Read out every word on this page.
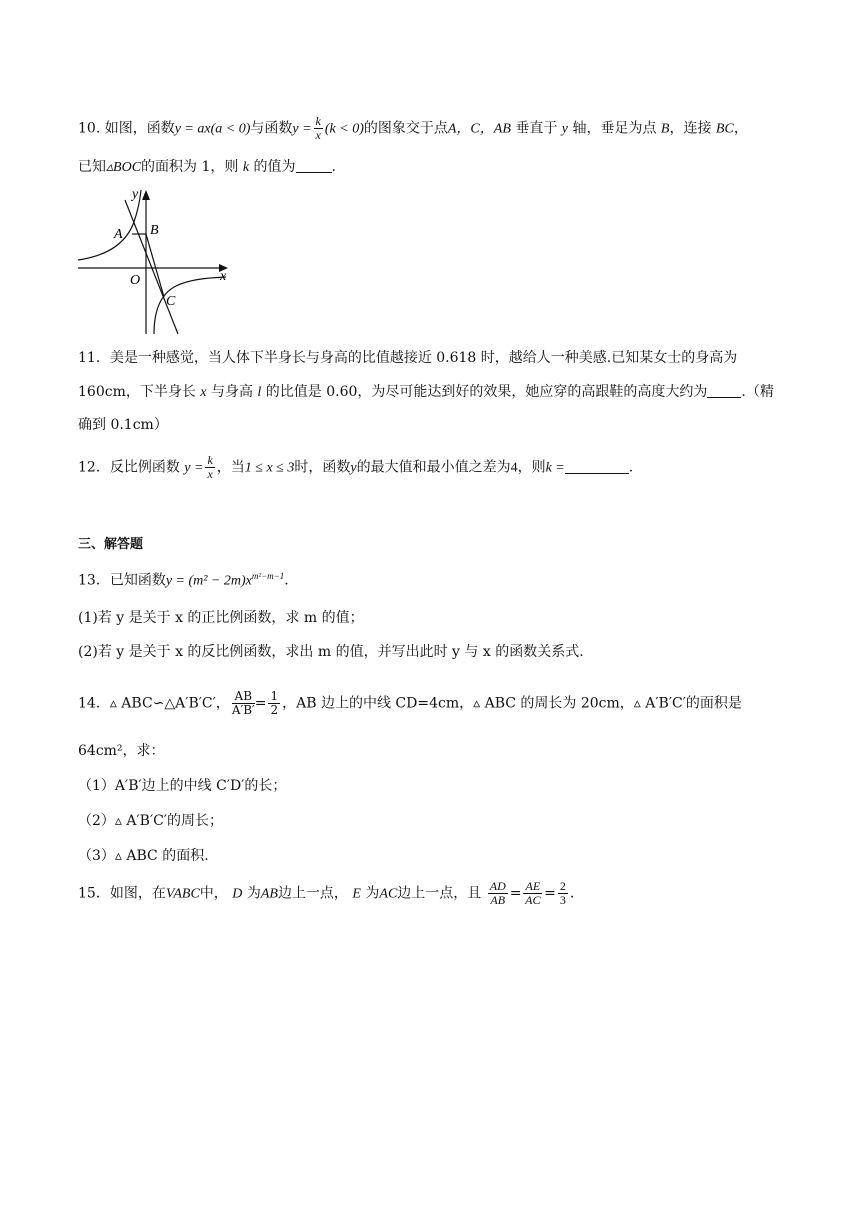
10. 如图，函数y = ax(a < 0)与函数$y = \frac{k}{x} (k < 0)$的图象交于点A，C，AB 垂直于 y 轴，垂足为点 B，连接 BC，
已知▵BOC的面积为 1，则 k 的值为	.
y
x
O
A B
C
11．美是一种感觉，当人体下半身长与身高的比值越接近 0.618 时，越给人一种美感.已知某女士的身高为
160cm，下半身长 x 与身高 l 的比值是 0.60，为尽可能达到好的效果，她应穿的高跟鞋的高度大约为 .（精
确到 0.1cm）
12．反比例函数 $y = \frac{k}{x}$ ，当1 ≤ x ≤ 3时，函数y的最大值和最小值之差为4，则k =	.
三、解答题
13．已知函数$y = (m^2 - 2m)x^{m^2-m-1}$.
(1)若 y 是关于 x 的正比例函数，求 m 的值；
(2)若 y 是关于 x 的反比例函数，求出 m 的值，并写出此时 y 与 x 的函数关系式.
14．▵ ABC∽△A′B′C′， $\frac{AB}{A'B'} = \frac{1}{2}$ ，AB 边上的中线 CD=4cm，▵ ABC 的周长为 20cm，▵ A′B′C′的面积是
64cm²，求：
（1）A′B′边上的中线 C′D′的长；
（2）▵ A′B′C′的周长；
（3）▵ ABC 的面积.
15．如图，在VABC中， D 为AB边上一点， E 为AC边上一点，且 $\frac{AD}{AB} = \frac{AE}{AC} = \frac{2}{3}$ .
